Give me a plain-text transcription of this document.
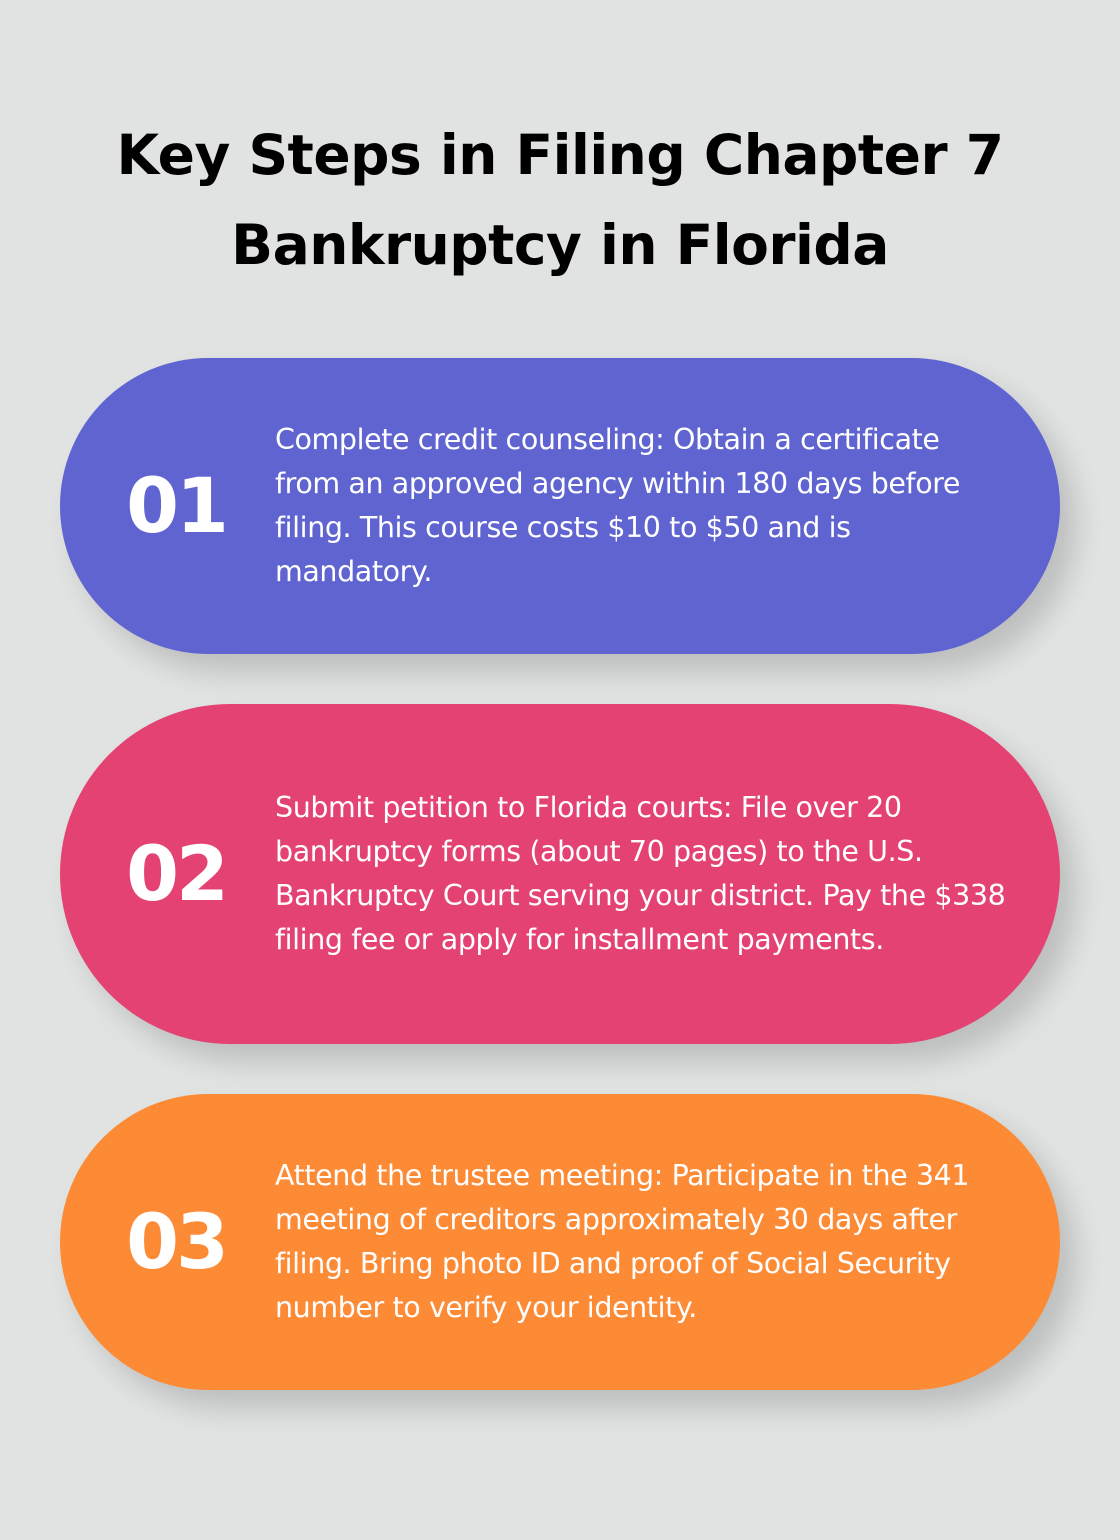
Key Steps in Filing Chapter 7 Bankruptcy in Florida
01

Complete credit counseling: Obtain a certificate from an approved agency within 180 days before filing. This course costs $10 to $50 and is mandatory.

02

Submit petition to Florida courts: File over 20 bankruptcy forms (about 70 pages) to the U.S. Bankruptcy Court serving your district. Pay the $338 filing fee or apply for installment payments.

03

Attend the trustee meeting: Participate in the 341 meeting of creditors approximately 30 days after filing. Bring photo ID and proof of Social Security number to verify your identity.
